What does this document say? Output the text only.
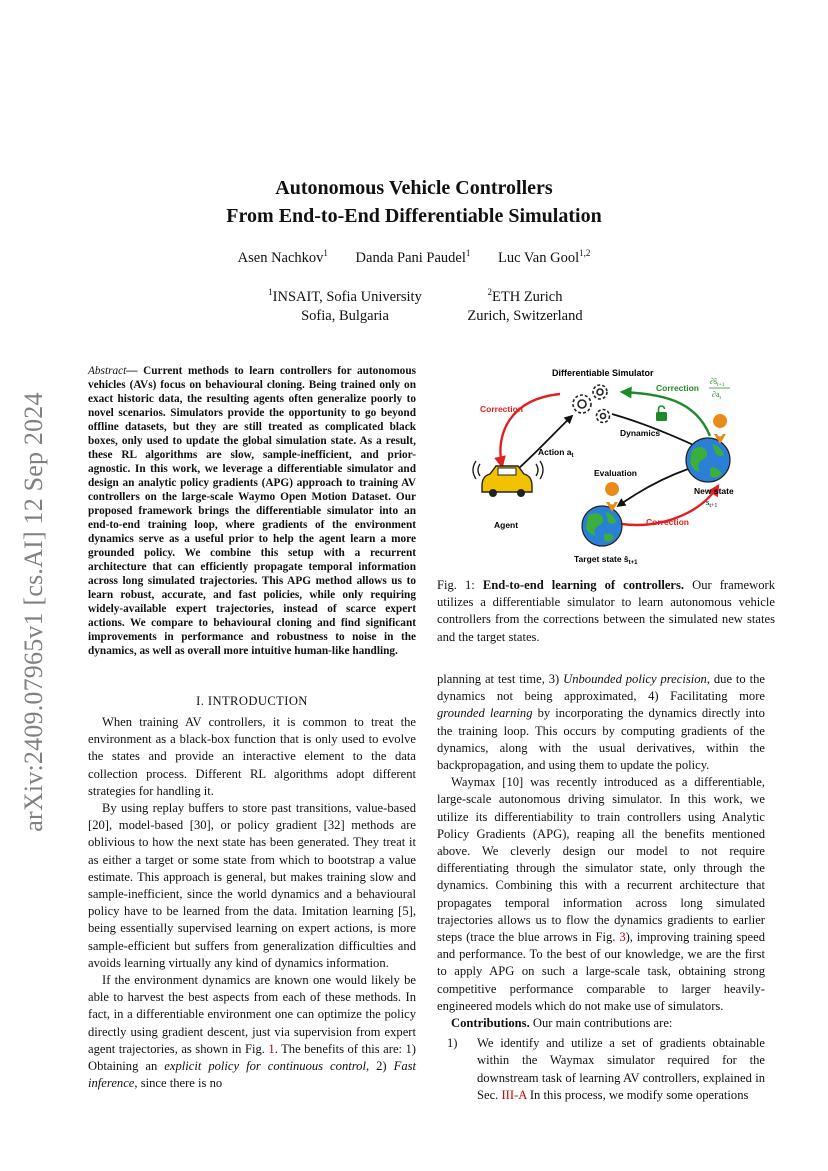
arXiv:2409.07965v1 [cs.AI] 12 Sep 2024
Autonomous Vehicle Controllers
From End-to-End Differentiable Simulation
Asen Nachkov$^1$ Danda Pani Paudel$^1$ Luc Van Gool$^{1,2}$
$^1$INSAIT, Sofia University
Sofia, Bulgaria
$^2$ETH Zurich
Zurich, Switzerland

Abstract— Current methods to learn controllers for autonomous vehicles (AVs) focus on behavioural cloning. Being trained only on exact historic data, the resulting agents often generalize poorly to novel scenarios. Simulators provide the opportunity to go beyond offline datasets, but they are still treated as complicated black boxes, only used to update the global simulation state. As a result, these RL algorithms are slow, sample-inefficient, and prior-agnostic. In this work, we leverage a differentiable simulator and design an analytic policy gradients (APG) approach to training AV controllers on the large-scale Waymo Open Motion Dataset. Our proposed framework brings the differentiable simulator into an end-to-end training loop, where gradients of the environment dynamics serve as a useful prior to help the agent learn a more grounded policy. We combine this setup with a recurrent architecture that can efficiently propagate temporal information across long simulated trajectories. This APG method allows us to learn robust, accurate, and fast policies, while only requiring widely-available expert trajectories, instead of scarce expert actions. We compare to behavioural cloning and find significant improvements in performance and robustness to noise in the dynamics, as well as overall more intuitive human-like handling.

I. INTRODUCTION

When training AV controllers, it is common to treat the environment as a black-box function that is only used to evolve the states and provide an interactive element to the data collection process. Different RL algorithms adopt different strategies for handling it.

By using replay buffers to store past transitions, value-based [20], model-based [30], or policy gradient [32] methods are oblivious to how the next state has been generated. They treat it as either a target or some state from which to bootstrap a value estimate. This approach is general, but makes training slow and sample-inefficient, since the world dynamics and a behavioural policy have to be learned from the data. Imitation learning [5], being essentially supervised learning on expert actions, is more sample-efficient but suffers from generalization difficulties and avoids learning virtually any kind of dynamics information.

If the environment dynamics are known one would likely be able to harvest the best aspects from each of these methods. In fact, in a differentiable environment one can optimize the policy directly using gradient descent, just via supervision from expert agent trajectories, as shown in Fig. 1. The benefits of this are: 1) Obtaining an explicit policy for continuous control, 2) Fast inference, since there is no

Differentiable Simulator
Correction
Correction
$\partial ŝ_{t+1}$
$\partial a_t$
Dynamics
Action $a_t$
Evaluation
Correction
Agent
New state
$s_{t+1}$
Target state $ŝ_{t+1}$
Fig. 1: End-to-end learning of controllers. Our framework utilizes a differentiable simulator to learn autonomous vehicle controllers from the corrections between the simulated new states and the target states.

planning at test time, 3) Unbounded policy precision, due to the dynamics not being approximated, 4) Facilitating more grounded learning by incorporating the dynamics directly into the training loop. This occurs by computing gradients of the dynamics, along with the usual derivatives, within the backpropagation, and using them to update the policy.

Waymax [10] was recently introduced as a differentiable, large-scale autonomous driving simulator. In this work, we utilize its differentiability to train controllers using Analytic Policy Gradients (APG), reaping all the benefits mentioned above. We cleverly design our model to not require differentiating through the simulator state, only through the dynamics. Combining this with a recurrent architecture that propagates temporal information across long simulated trajectories allows us to flow the dynamics gradients to earlier steps (trace the blue arrows in Fig. 3), improving training speed and performance. To the best of our knowledge, we are the first to apply APG on such a large-scale task, obtaining strong competitive performance comparable to larger heavily-engineered models which do not make use of simulators.

Contributions. Our main contributions are:

1)	We identify and utilize a set of gradients obtainable within the Waymax simulator required for the downstream task of learning AV controllers, explained in Sec. III-A In this process, we modify some operations
